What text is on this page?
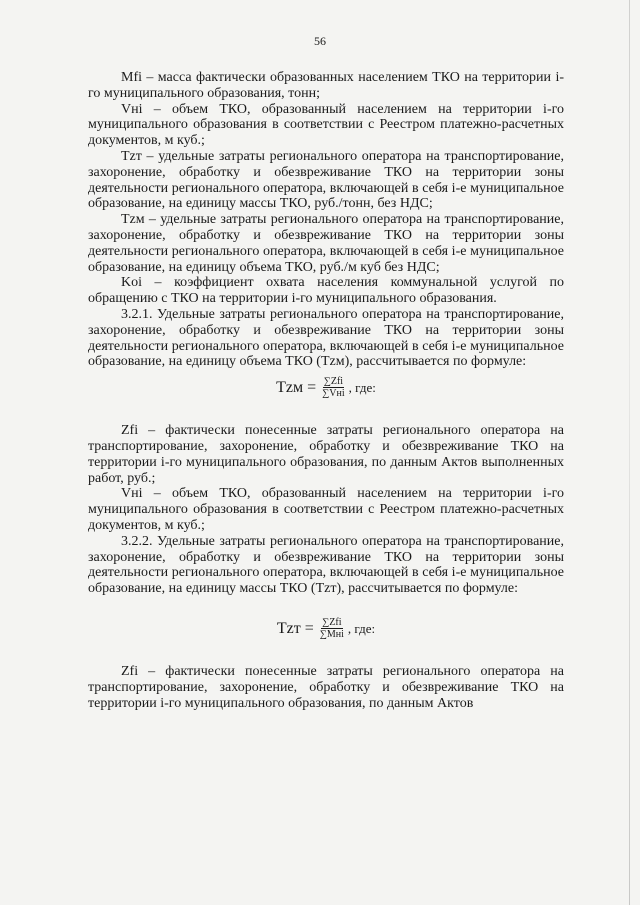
56

Mfi – масса фактически образованных населением ТКО на территории i-го муниципального образования, тонн;

Vнi – объем ТКО, образованный населением на территории i-го муниципального образования в соответствии с Реестром платежно-расчетных документов, м куб.;

Tzт – удельные затраты регионального оператора на транспортирование, захоронение, обработку и обезвреживание ТКО на территории зоны деятельности регионального оператора, включающей в себя i-е муниципальное образование, на единицу массы ТКО, руб./тонн, без НДС;

Tzм – удельные затраты регионального оператора на транспортирование, захоронение, обработку и обезвреживание ТКО на территории зоны деятельности регионального оператора, включающей в себя i-е муниципальное образование, на единицу объема ТКО, руб./м куб без НДС;

Koi – коэффициент охвата населения коммунальной услугой по обращению с ТКО на территории i-го муниципального образования.

3.2.1. Удельные затраты регионального оператора на транспортирование, захоронение, обработку и обезвреживание ТКО на территории зоны деятельности регионального оператора, включающей в себя i-е муниципальное образование, на единицу объема ТКО (Tzм), рассчитывается по формуле:

Tzм = $\frac{\text{∑Zfi}}{\text{∑Vнi}}$ , где:

Zfi – фактически понесенные затраты регионального оператора на транспортирование, захоронение, обработку и обезвреживание ТКО на территории i-го муниципального образования, по данным Актов выполненных работ, руб.;

Vнi – объем ТКО, образованный населением на территории i-го муниципального образования в соответствии с Реестром платежно-расчетных документов, м куб.;

3.2.2. Удельные затраты регионального оператора на транспортирование, захоронение, обработку и обезвреживание ТКО на территории зоны деятельности регионального оператора, включающей в себя i-е муниципальное образование, на единицу массы ТКО (Tzт), рассчитывается по формуле:

Tzт = $\frac{\text{∑Zfi}}{\text{∑Mнi}}$ , где:

Zfi – фактически понесенные затраты регионального оператора на транспортирование, захоронение, обработку и обезвреживание ТКО на территории i-го муниципального образования, по данным Актов
